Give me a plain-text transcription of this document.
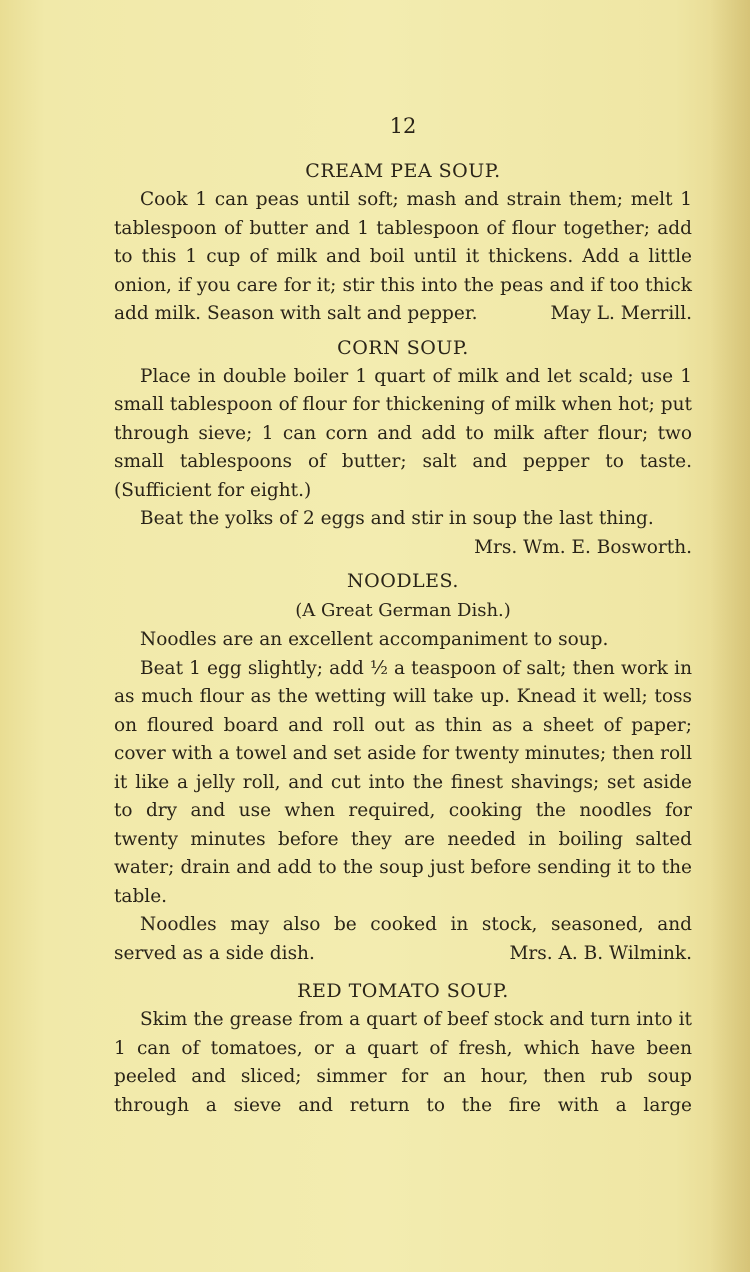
12
CREAM PEA SOUP.

Cook 1 can peas until soft; mash and strain them; melt 1 tablespoon of butter and 1 tablespoon of flour together; add to this 1 cup of milk and boil until it thickens. Add a little onion, if you care for it; stir this into the peas and if too thick add milk. Season with salt and pepper.	May L. Merrill.

CORN SOUP.

Place in double boiler 1 quart of milk and let scald; use 1 small tablespoon of flour for thickening of milk when hot; put through sieve; 1 can corn and add to milk after flour; two small tablespoons of butter; salt and pepper to taste. (Sufficient for eight.)

Beat the yolks of 2 eggs and stir in soup the last thing.

Mrs. Wm. E. Bosworth.

NOODLES.
(A Great German Dish.)

Noodles are an excellent accompaniment to soup.

Beat 1 egg slightly; add ½ a teaspoon of salt; then work in as much flour as the wetting will take up. Knead it well; toss on floured board and roll out as thin as a sheet of paper; cover with a towel and set aside for twenty minutes; then roll it like a jelly roll, and cut into the finest shavings; set aside to dry and use when required, cooking the noodles for twenty minutes before they are needed in boiling salted water; drain and add to the soup just before sending it to the table.

Noodles may also be cooked in stock, seasoned, and served as a side dish.	Mrs. A. B. Wilmink.

RED TOMATO SOUP.

Skim the grease from a quart of beef stock and turn into it 1 can of tomatoes, or a quart of fresh, which have been peeled and sliced; simmer for an hour, then rub soup through a sieve and return to the fire with a large
